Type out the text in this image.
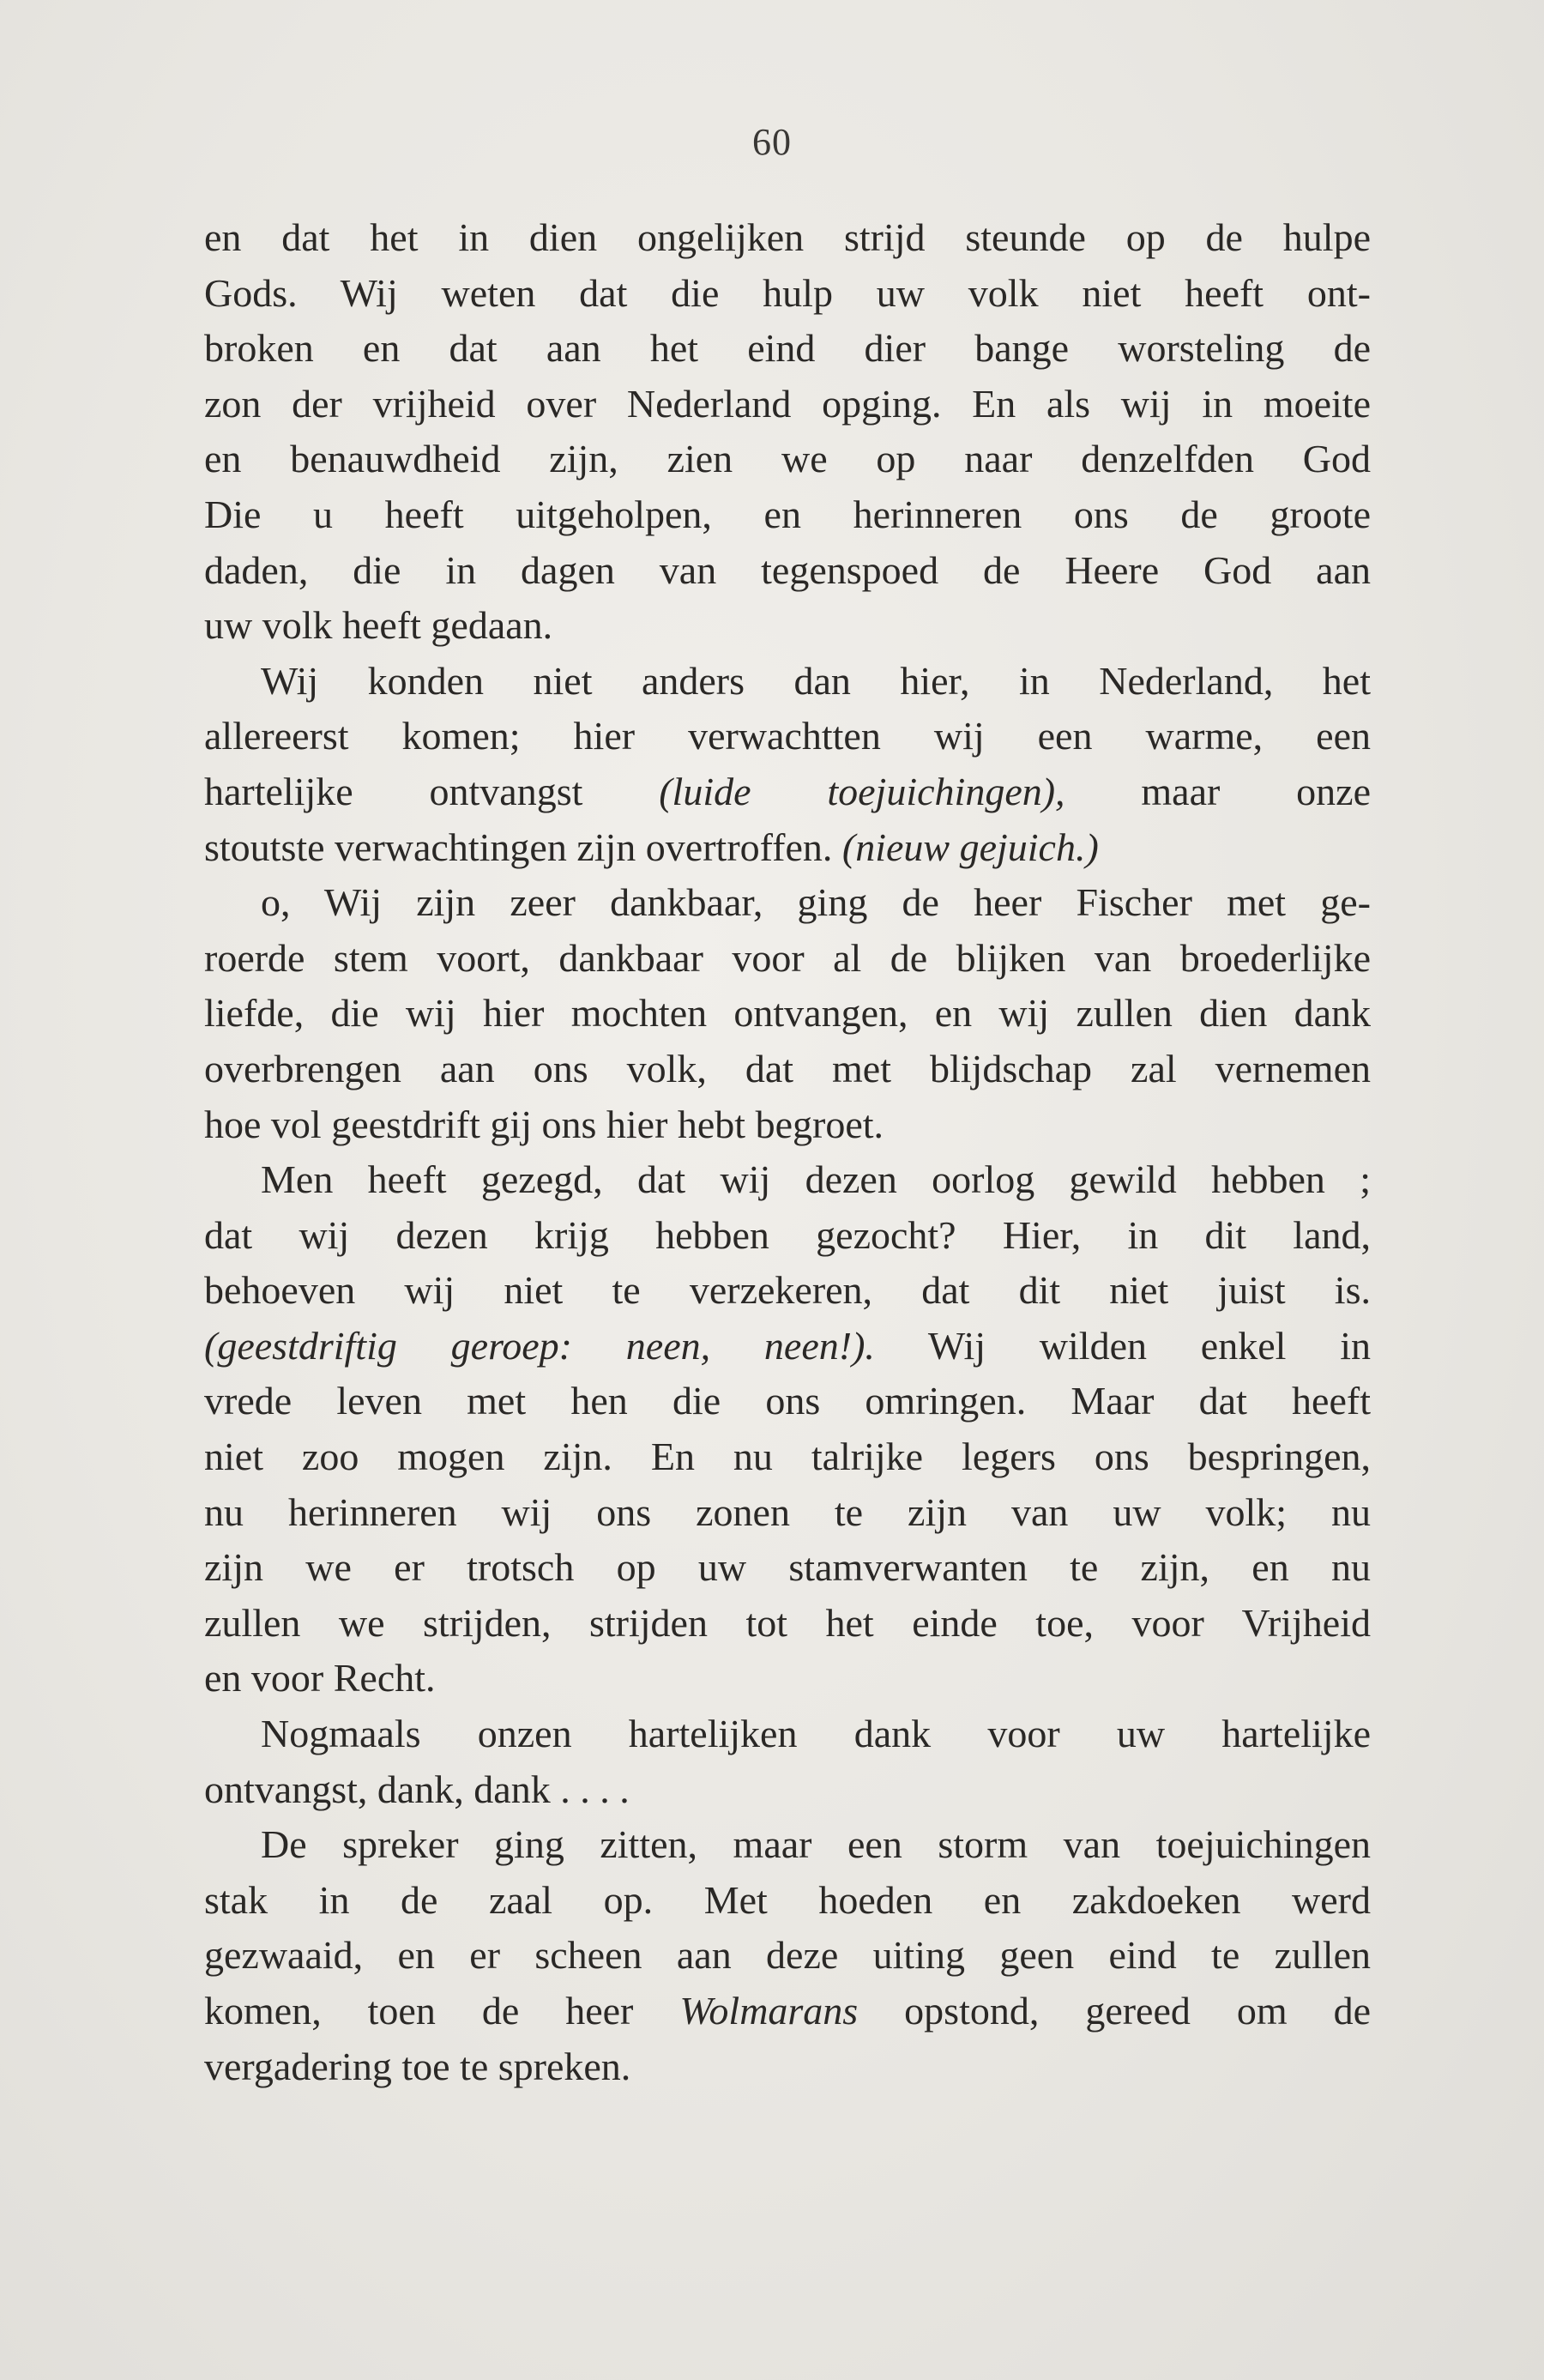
60
en dat het in dien ongelijken strijd steunde op de hulpe
Gods. Wij weten dat die hulp uw volk niet heeft ont-
broken en dat aan het eind dier bange worsteling de
zon der vrijheid over Nederland opging. En als wij in moeite
en benauwdheid zijn, zien we op naar denzelfden God
Die u heeft uitgeholpen, en herinneren ons de groote
daden, die in dagen van tegenspoed de Heere God aan
uw volk heeft gedaan.
Wij konden niet anders dan hier, in Nederland, het
allereerst komen; hier verwachtten wij een warme, een
hartelijke ontvangst (luide toejuichingen), maar onze
stoutste verwachtingen zijn overtroffen. (nieuw gejuich.)
o, Wij zijn zeer dankbaar, ging de heer Fischer met ge-
roerde stem voort, dankbaar voor al de blijken van broederlijke
liefde, die wij hier mochten ontvangen, en wij zullen dien dank
overbrengen aan ons volk, dat met blijdschap zal vernemen
hoe vol geestdrift gij ons hier hebt begroet.
Men heeft gezegd, dat wij dezen oorlog gewild hebben ;
dat wij dezen krijg hebben gezocht? Hier, in dit land,
behoeven wij niet te verzekeren, dat dit niet juist is.
(geestdriftig geroep: neen, neen!). Wij wilden enkel in
vrede leven met hen die ons omringen. Maar dat heeft
niet zoo mogen zijn. En nu talrijke legers ons bespringen,
nu herinneren wij ons zonen te zijn van uw volk; nu
zijn we er trotsch op uw stamverwanten te zijn, en nu
zullen we strijden, strijden tot het einde toe, voor Vrijheid
en voor Recht.
Nogmaals onzen hartelijken dank voor uw hartelijke
ontvangst, dank, dank . . . .
De spreker ging zitten, maar een storm van toejuichingen
stak in de zaal op. Met hoeden en zakdoeken werd
gezwaaid, en er scheen aan deze uiting geen eind te zullen
komen, toen de heer Wolmarans opstond, gereed om de
vergadering toe te spreken.
